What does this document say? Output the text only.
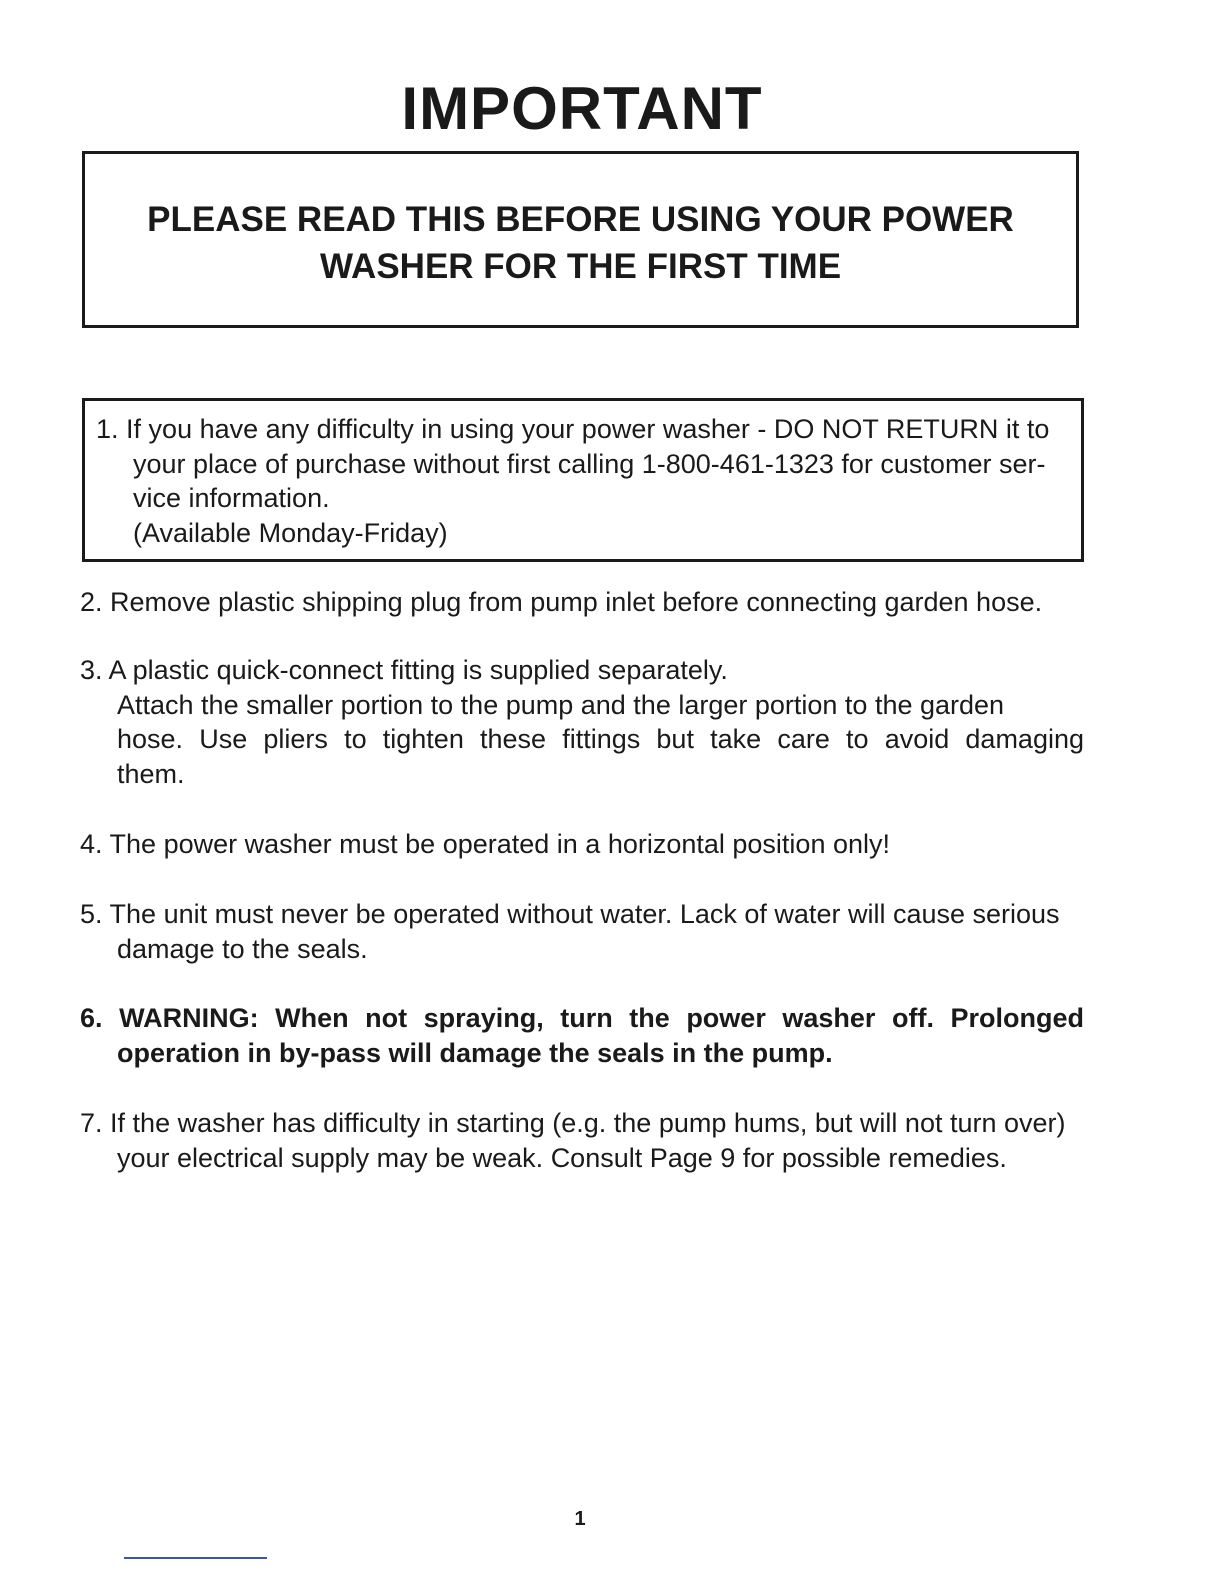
IMPORTANT
PLEASE READ THIS BEFORE USING YOUR POWER
WASHER FOR THE FIRST TIME
1. If you have any difficulty in using your power washer - DO NOT RETURN it to
your place of purchase without first calling 1-800-461-1323 for customer ser-
vice information.
(Available Monday-Friday)
2. Remove plastic shipping plug from pump inlet before connecting garden hose.
3. A plastic quick-connect fitting is supplied separately.
Attach the smaller portion to the pump and the larger portion to the garden
hose. Use pliers to tighten these fittings but take care to avoid damaging
them.
4. The power washer must be operated in a horizontal position only!
5. The unit must never be operated without water. Lack of water will cause serious
damage to the seals.
6. WARNING: When not spraying, turn the power washer off. Prolonged
operation in by-pass will damage the seals in the pump.
7. If the washer has difficulty in starting (e.g. the pump hums, but will not turn over)
your electrical supply may be weak. Consult Page 9 for possible remedies.
1
